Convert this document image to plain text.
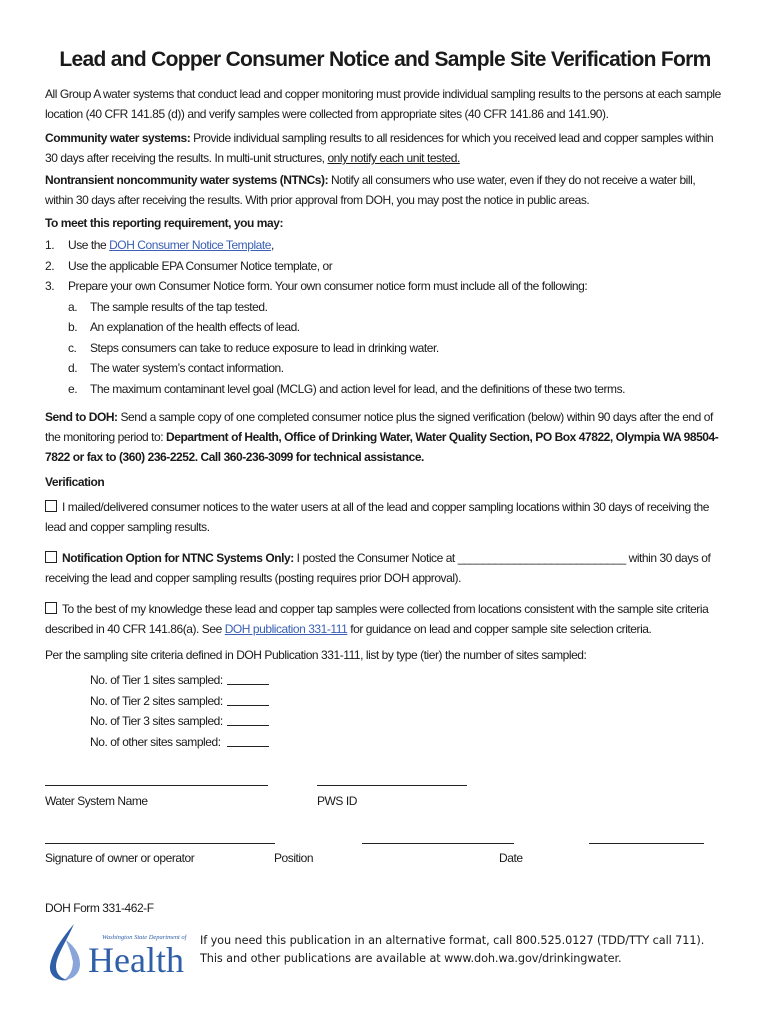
Lead and Copper Consumer Notice and Sample Site Verification Form

All Group A water systems that conduct lead and copper monitoring must provide individual sampling results to the persons at each sample location (40 CFR 141.85 (d)) and verify samples were collected from appropriate sites (40 CFR 141.86 and 141.90).

Community water systems: Provide individual sampling results to all residences for which you received lead and copper samples within 30 days after receiving the results. In multi-unit structures, only notify each unit tested.

Nontransient noncommunity water systems (NTNCs): Notify all consumers who use water, even if they do not receive a water bill, within 30 days after receiving the results. With prior approval from DOH, you may post the notice in public areas.

To meet this reporting requirement, you may:

1. Use the DOH Consumer Notice Template,
2. Use the applicable EPA Consumer Notice template, or
3. Prepare your own Consumer Notice form. Your own consumer notice form must include all of the following:
a. The sample results of the tap tested.
b. An explanation of the health effects of lead.
c. Steps consumers can take to reduce exposure to lead in drinking water.
d. The water system’s contact information.
e. The maximum contaminant level goal (MCLG) and action level for lead, and the definitions of these two terms.

Send to DOH: Send a sample copy of one completed consumer notice plus the signed verification (below) within 90 days after the end of the monitoring period to: Department of Health, Office of Drinking Water, Water Quality Section, PO Box 47822, Olympia WA 98504-7822 or fax to (360) 236-2252. Call 360-236-3099 for technical assistance.

Verification

I mailed/delivered consumer notices to the water users at all of the lead and copper sampling locations within 30 days of receiving the lead and copper sampling results.

Notification Option for NTNC Systems Only: I posted the Consumer Notice at ___________________________ within 30 days of
receiving the lead and copper sampling results (posting requires prior DOH approval).

To the best of my knowledge these lead and copper tap samples were collected from locations consistent with the sample site criteria
described in 40 CFR 141.86(a). See DOH publication 331-111 for guidance on lead and copper sample site selection criteria.

Per the sampling site criteria defined in DOH Publication 331-111, list by type (tier) the number of sites sampled:

No. of Tier 1 sites sampled:
No. of Tier 2 sites sampled:
No. of Tier 3 sites sampled:
No. of other sites sampled:
Water System Name	PWS ID
Signature of owner or operator	Position	Date
DOH Form 331-462-F
Washington State Department of
Health If you need this publication in an alternative format, call 800.525.0127 (TDD/TTY call 711).
This and other publications are available at www.doh.wa.gov/drinkingwater.
